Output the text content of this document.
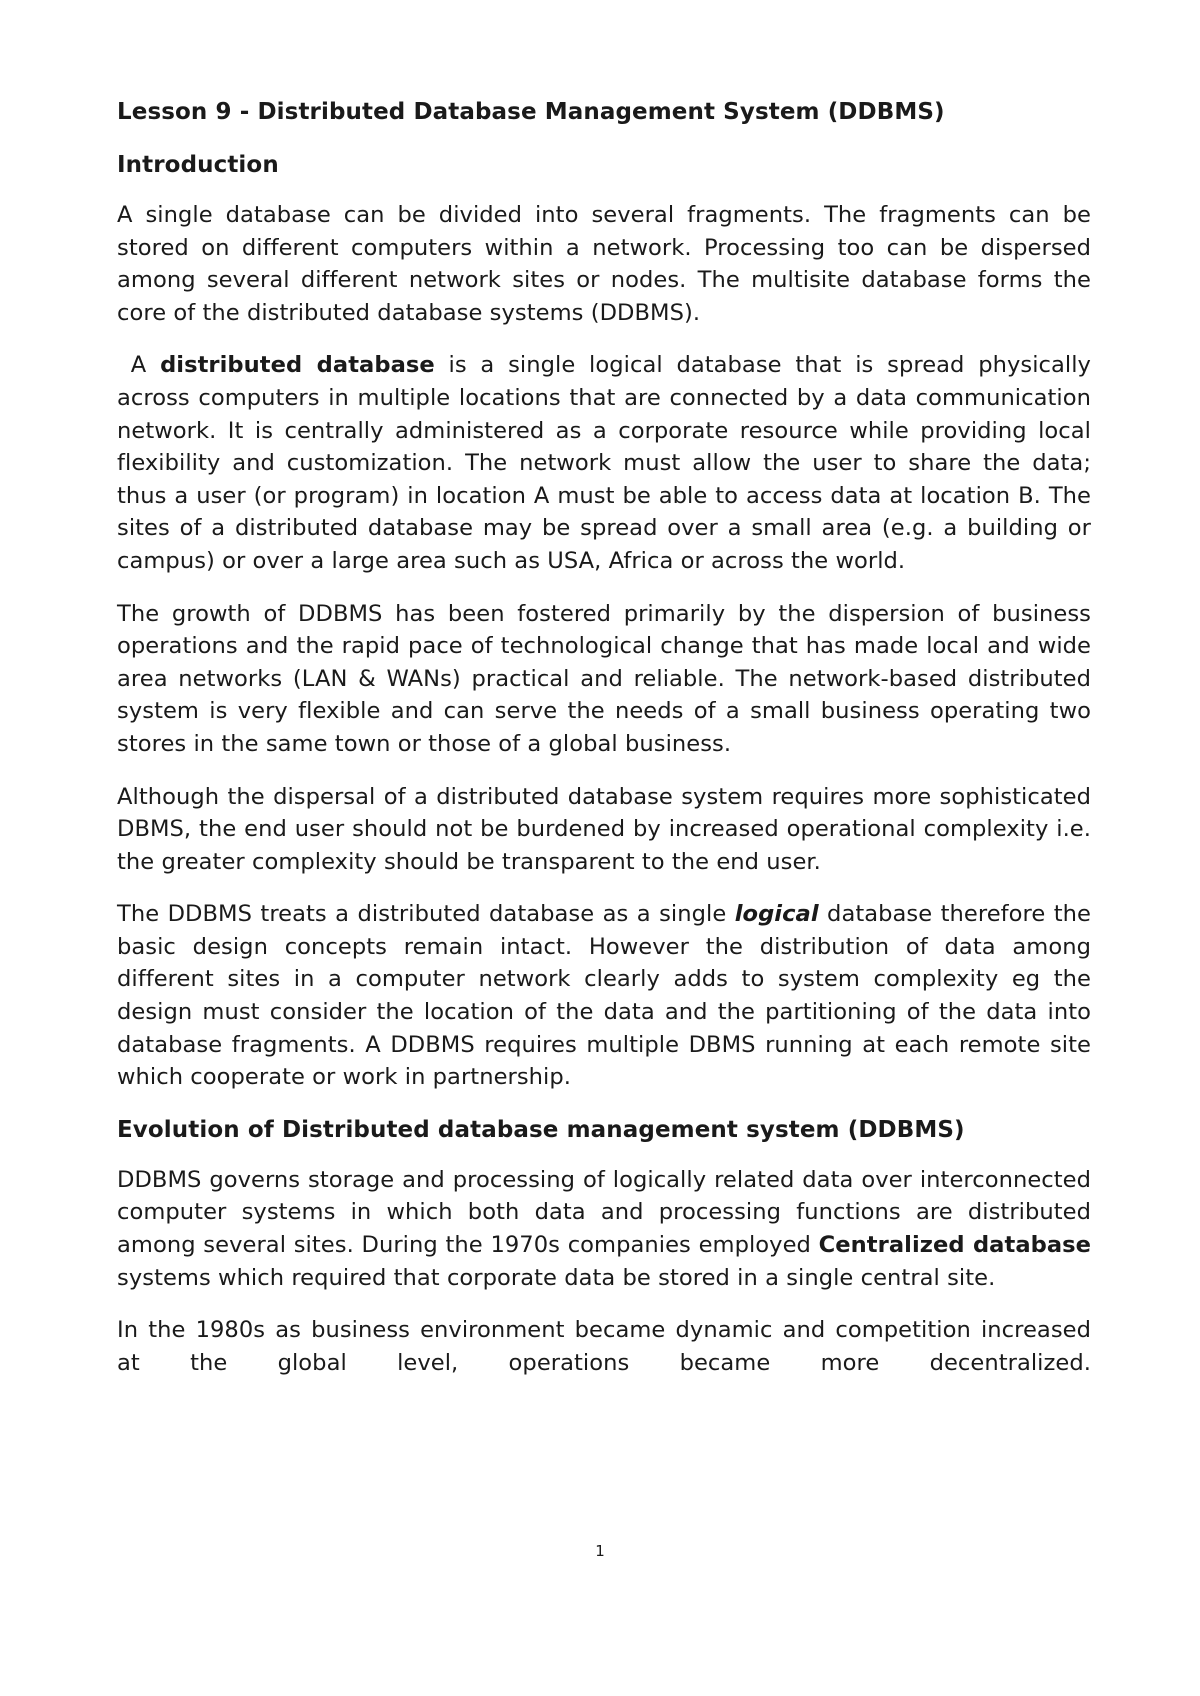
Lesson 9 - Distributed Database Management System (DDBMS)
Introduction

A single database can be divided into several fragments. The fragments can be stored on different computers within a network. Processing too can be dispersed among several different network sites or nodes. The multisite database forms the core of the distributed database systems (DDBMS).

A distributed database is a single logical database that is spread physically across computers in multiple locations that are connected by a data communication network. It is centrally administered as a corporate resource while providing local flexibility and customization. The network must allow the user to share the data; thus a user (or program) in location A must be able to access data at location B. The sites of a distributed database may be spread over a small area (e.g. a building or campus) or over a large area such as USA, Africa or across the world.

The growth of DDBMS has been fostered primarily by the dispersion of business operations and the rapid pace of technological change that has made local and wide area networks (LAN & WANs) practical and reliable. The network-based distributed system is very flexible and can serve the needs of a small business operating two stores in the same town or those of a global business.

Although the dispersal of a distributed database system requires more sophisticated DBMS, the end user should not be burdened by increased operational complexity i.e. the greater complexity should be transparent to the end user.

The DDBMS treats a distributed database as a single logical database therefore the basic design concepts remain intact. However the distribution of data among different sites in a computer network clearly adds to system complexity eg the design must consider the location of the data and the partitioning of the data into database fragments. A DDBMS requires multiple DBMS running at each remote site which cooperate or work in partnership.

Evolution of Distributed database management system (DDBMS)

DDBMS governs storage and processing of logically related data over interconnected computer systems in which both data and processing functions are distributed among several sites. During the 1970s companies employed Centralized database systems which required that corporate data be stored in a single central site.

In the 1980s as business environment became dynamic and competition increased at the global level, operations became more decentralized.

1
